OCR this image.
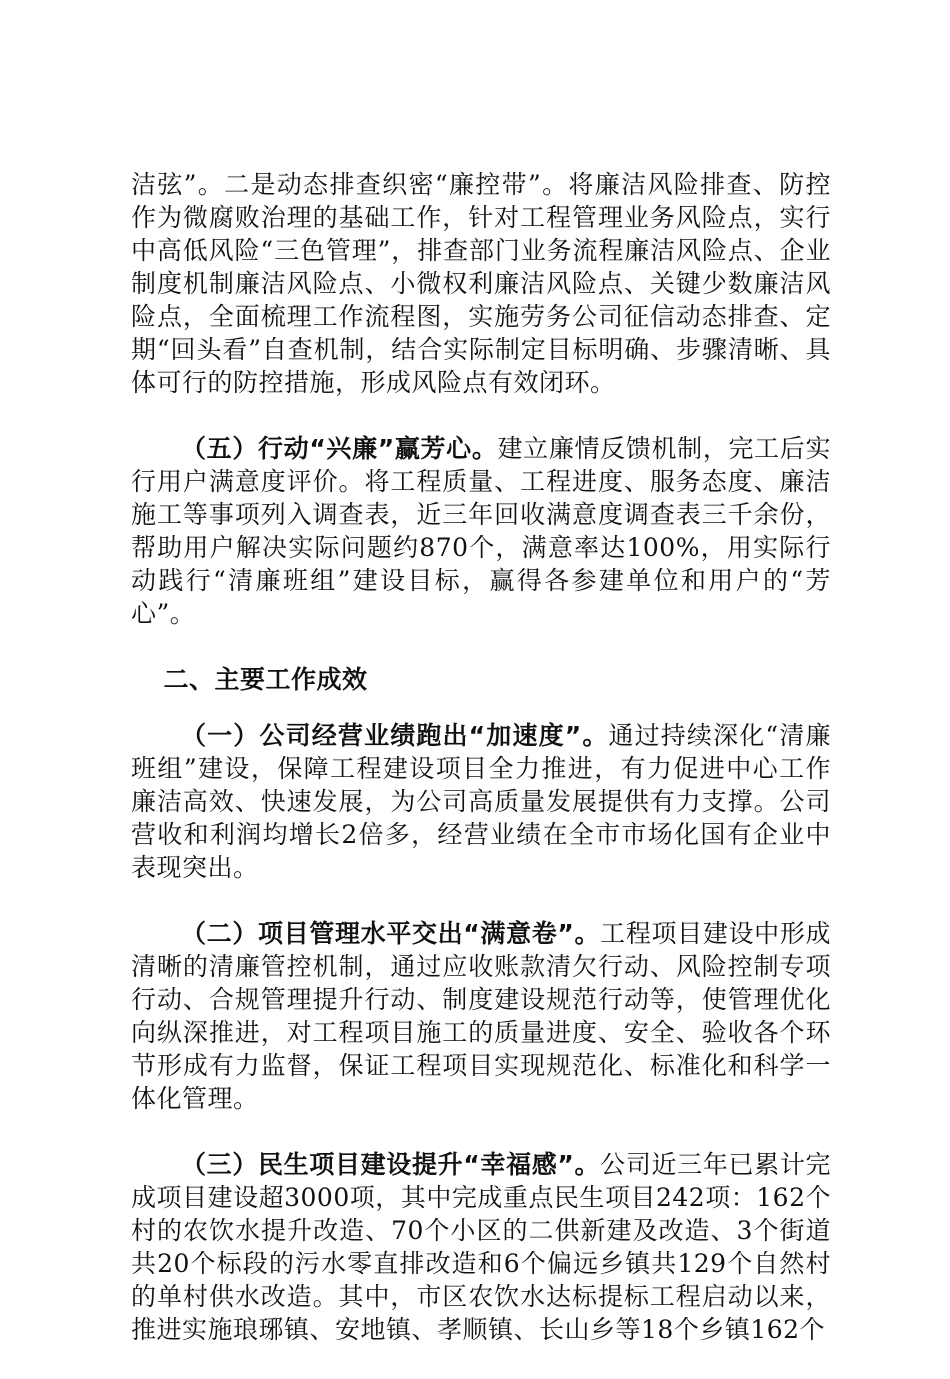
洁弦”。二是动态排查织密“廉控带”。将廉洁风险排查、防控作为微腐败治理的基础工作，针对工程管理业务风险点，实行中高低风险“三色管理”，排查部门业务流程廉洁风险点、企业制度机制廉洁风险点、小微权利廉洁风险点、关键少数廉洁风险点，全面梳理工作流程图，实施劳务公司征信动态排查、定期“回头看”自查机制，结合实际制定目标明确、步骤清晰、具体可行的防控措施，形成风险点有效闭环。

（五）行动“兴廉”赢芳心。建立廉情反馈机制，完工后实行用户满意度评价。将工程质量、工程进度、服务态度、廉洁施工等事项列入调查表，近三年回收满意度调查表三千余份，帮助用户解决实际问题约870个，满意率达100%，用实际行动践行“清廉班组”建设目标，赢得各参建单位和用户的“芳心”。

二、主要工作成效

（一）公司经营业绩跑出“加速度”。通过持续深化“清廉班组”建设，保障工程建设项目全力推进，有力促进中心工作廉洁高效、快速发展，为公司高质量发展提供有力支撑。公司营收和利润均增长2倍多，经营业绩在全市市场化国有企业中表现突出。

（二）项目管理水平交出“满意卷”。工程项目建设中形成清晰的清廉管控机制，通过应收账款清欠行动、风险控制专项行动、合规管理提升行动、制度建设规范行动等，使管理优化向纵深推进，对工程项目施工的质量进度、安全、验收各个环节形成有力监督，保证工程项目实现规范化、标准化和科学一体化管理。

（三）民生项目建设提升“幸福感”。公司近三年已累计完成项目建设超3000项，其中完成重点民生项目242项：162个村的农饮水提升改造、70个小区的二供新建及改造、3个街道共20个标段的污水零直排改造和6个偏远乡镇共129个自然村的单村供水改造。其中，市区农饮水达标提标工程启动以来，推进实施琅琊镇、安地镇、孝顺镇、长山乡等18个乡镇162个
